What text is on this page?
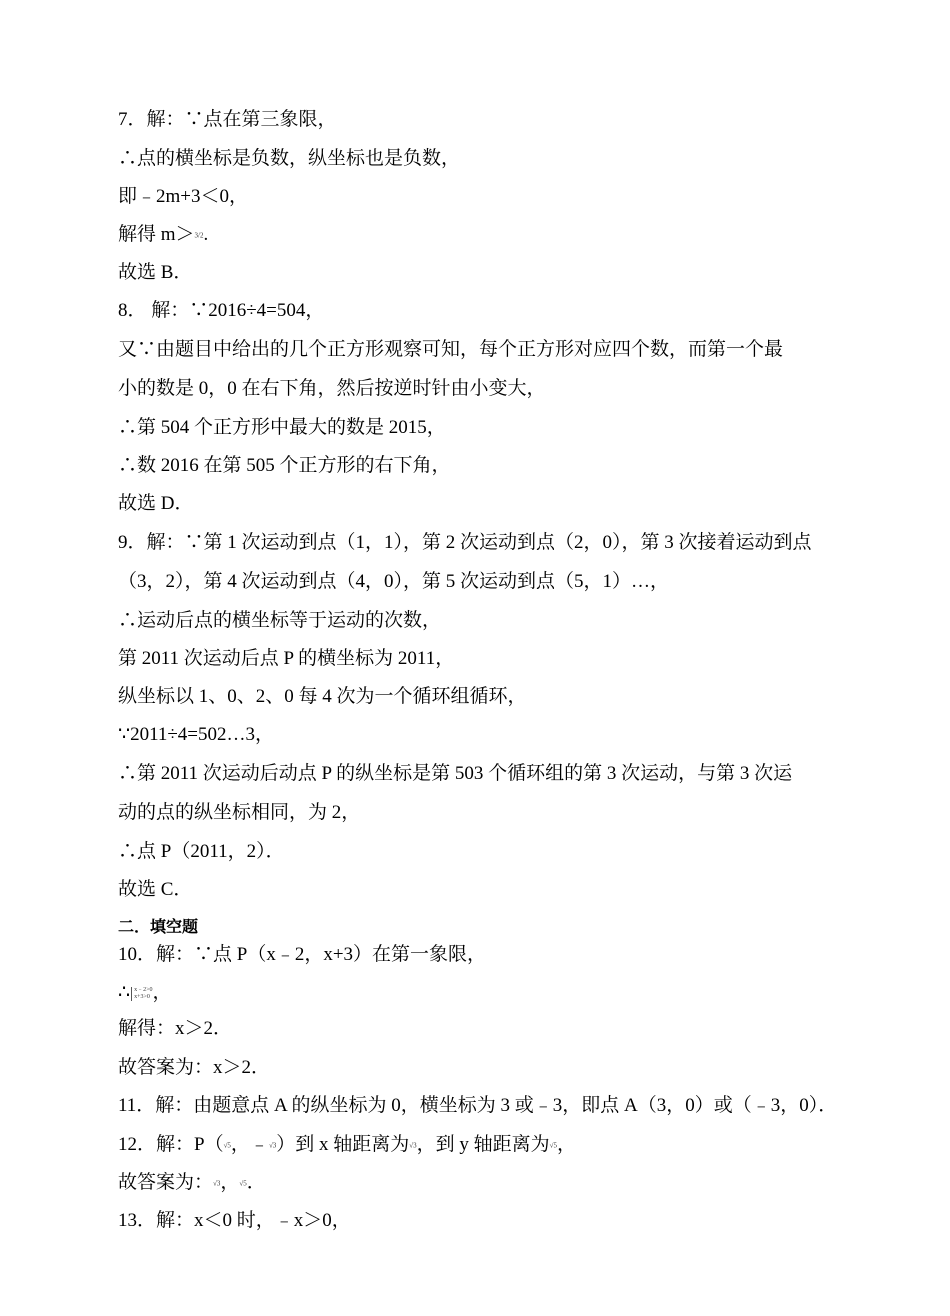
7．解：∵点在第三象限，
∴点的横坐标是负数，纵坐标也是负数，
即﹣2m+3＜0，
解得 m＞3/2.
故选 B．
8． 解：∵2016÷4=504，
又∵由题目中给出的几个正方形观察可知，每个正方形对应四个数，而第一个最
小的数是 0，0 在右下角，然后按逆时针由小变大，
∴第 504 个正方形中最大的数是 2015，
∴数 2016 在第 505 个正方形的右下角，
故选 D．
9．解：∵第 1 次运动到点（1，1），第 2 次运动到点（2，0），第 3 次接着运动到点
（3，2），第 4 次运动到点（4，0），第 5 次运动到点（5，1）…，
∴运动后点的横坐标等于运动的次数，
第 2011 次运动后点 P 的横坐标为 2011，
纵坐标以 1、0、2、0 每 4 次为一个循环组循环，
∵2011÷4=502…3，
∴第 2011 次运动后动点 P 的纵坐标是第 503 个循环组的第 3 次运动，与第 3 次运
动的点的纵坐标相同，为 2，
∴点 P（2011，2）．
故选 C．
二．填空题
10．解：∵点 P（x﹣2，x+3）在第一象限，
∴ x﹣2>0
x+3>0 ，
解得：x＞2．
故答案为：x＞2．
11．解：由题意点 A 的纵坐标为 0，横坐标为 3 或﹣3，即点 A（3，0）或（﹣3，0）．
12．解：P（√5，﹣√3）到 x 轴距离为√3，到 y 轴距离为√5，
故答案为：√3，√5．
13．解：x＜0 时，﹣x＞0，
